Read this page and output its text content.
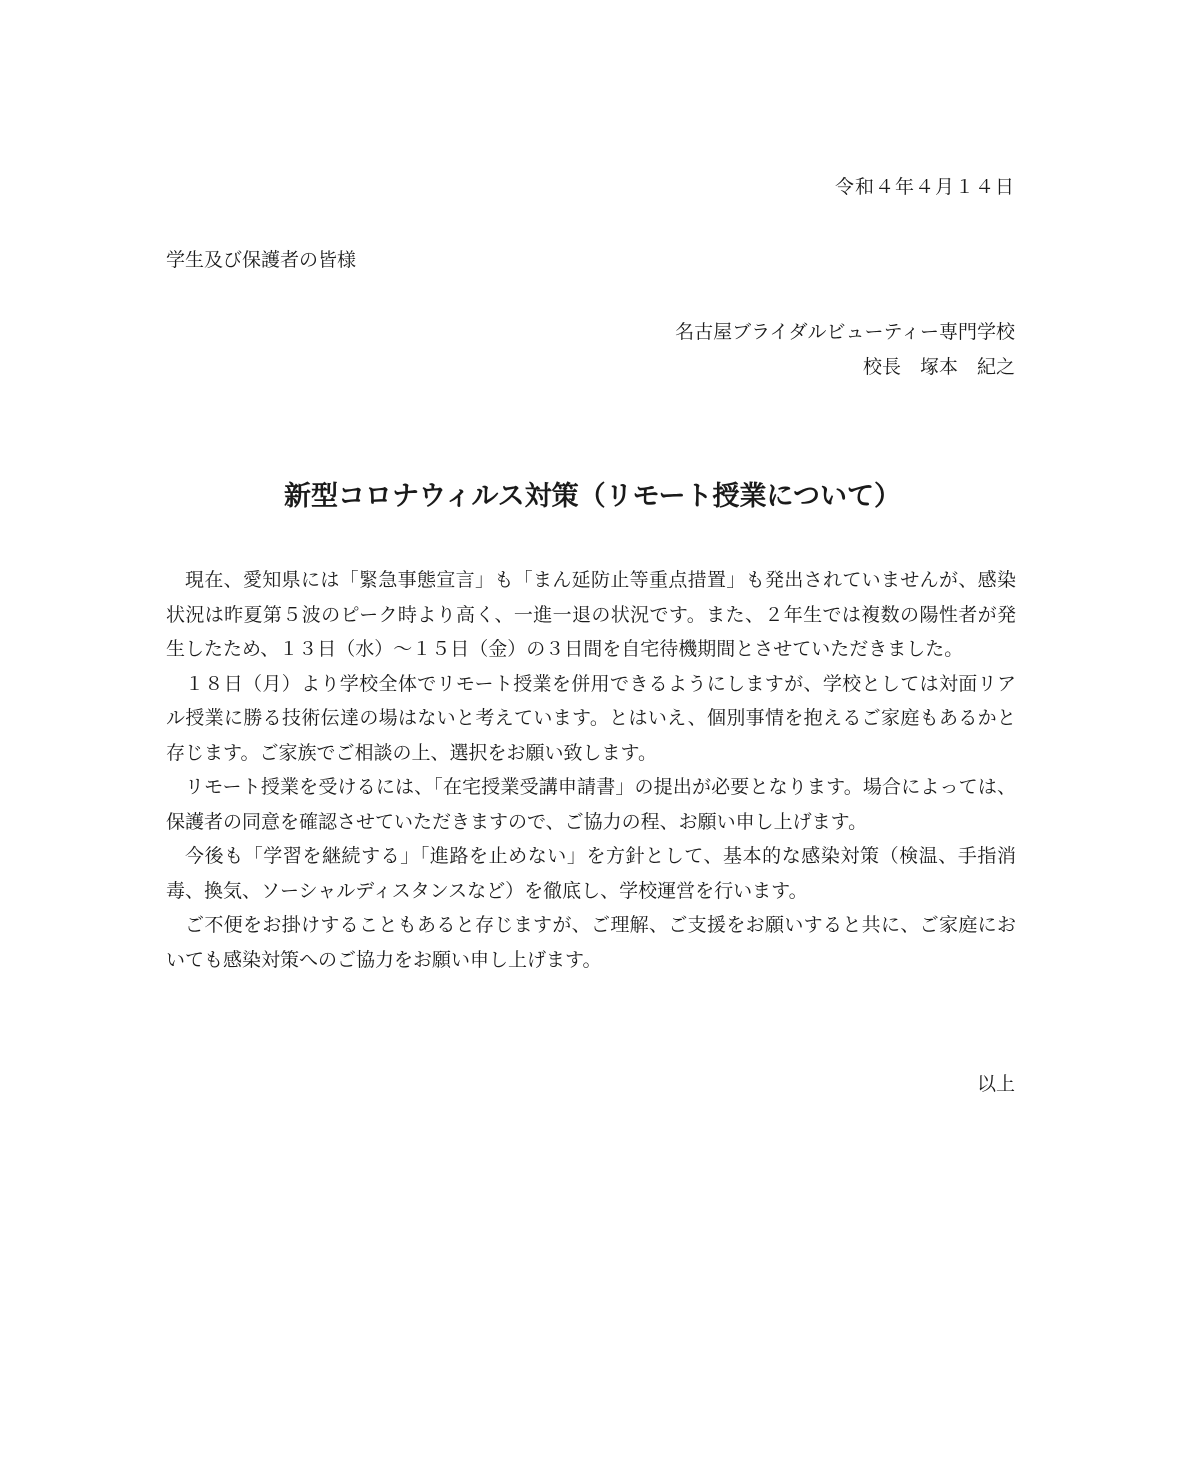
令和４年４月１４日
学生及び保護者の皆様
名古屋ブライダルビューティー専門学校
校長　塚本　紀之
新型コロナウィルス対策（リモート授業について）

現在、愛知県には「緊急事態宣言」も「まん延防止等重点措置」も発出されていませんが、感染状況は昨夏第５波のピーク時より高く、一進一退の状況です。また、２年生では複数の陽性者が発生したため、１３日（水）～１５日（金）の３日間を自宅待機期間とさせていただきました。

１８日（月）より学校全体でリモート授業を併用できるようにしますが、学校としては対面リアル授業に勝る技術伝達の場はないと考えています。とはいえ、個別事情を抱えるご家庭もあるかと存じます。ご家族でご相談の上、選択をお願い致します。

リモート授業を受けるには、「在宅授業受講申請書」の提出が必要となります。場合によっては、保護者の同意を確認させていただきますので、ご協力の程、お願い申し上げます。

今後も「学習を継続する」「進路を止めない」を方針として、基本的な感染対策（検温、手指消毒、換気、ソーシャルディスタンスなど）を徹底し、学校運営を行います。

ご不便をお掛けすることもあると存じますが、ご理解、ご支援をお願いすると共に、ご家庭においても感染対策へのご協力をお願い申し上げます。

以上
